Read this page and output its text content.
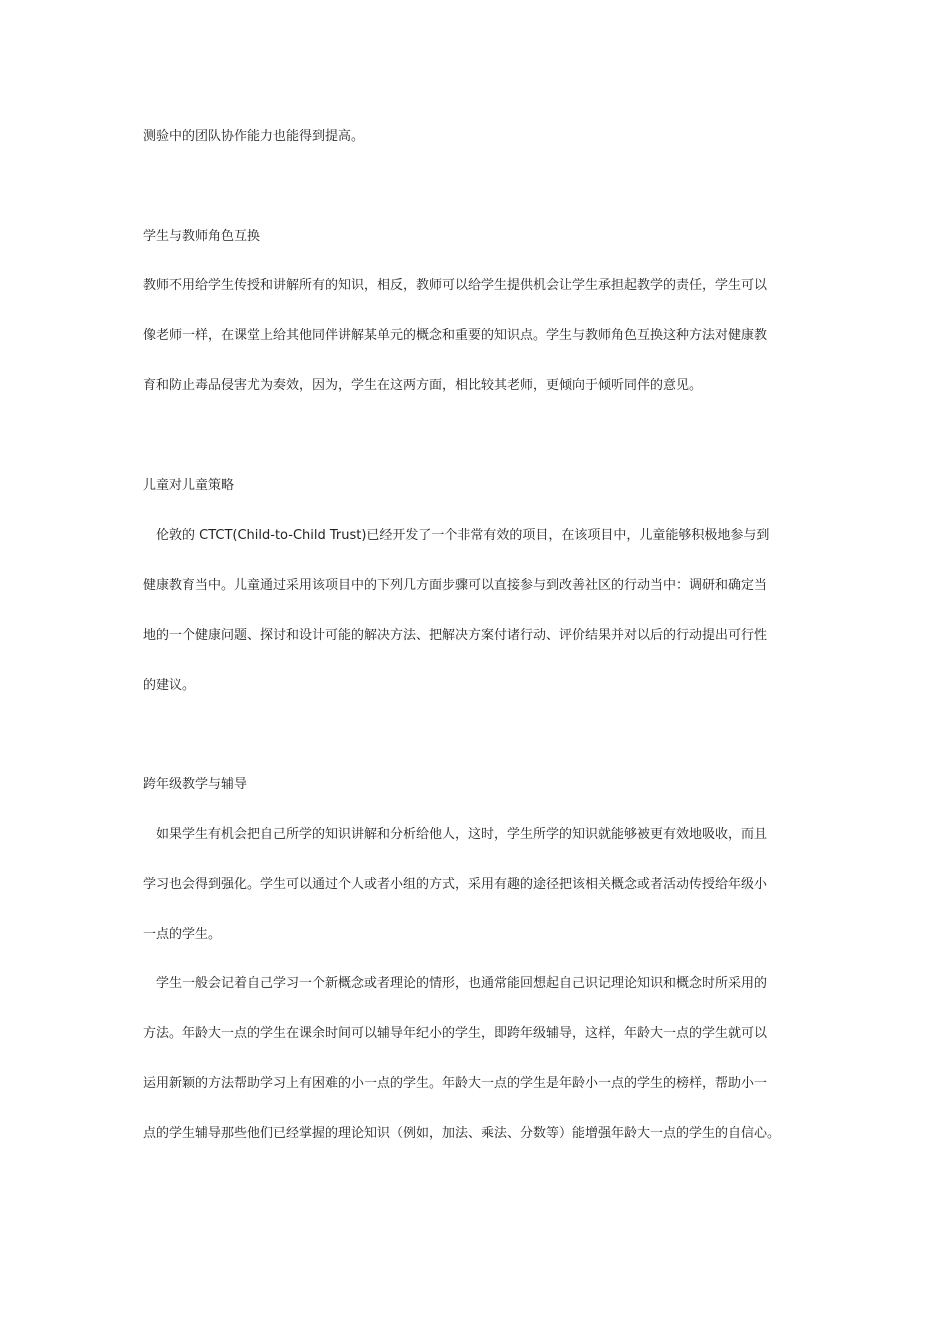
测验中的团队协作能力也能得到提高。
学生与教师角色互换
教师不用给学生传授和讲解所有的知识，相反，教师可以给学生提供机会让学生承担起教学的责任，学生可以
像老师一样，在课堂上给其他同伴讲解某单元的概念和重要的知识点。学生与教师角色互换这种方法对健康教
育和防止毒品侵害尤为奏效，因为，学生在这两方面，相比较其老师，更倾向于倾听同伴的意见。
儿童对儿童策略
　伦敦的 CTCT(Child-to-Child Trust)已经开发了一个非常有效的项目，在该项目中，儿童能够积极地参与到
健康教育当中。儿童通过采用该项目中的下列几方面步骤可以直接参与到改善社区的行动当中：调研和确定当
地的一个健康问题、探讨和设计可能的解决方法、把解决方案付诸行动、评价结果并对以后的行动提出可行性
的建议。
跨年级教学与辅导
　如果学生有机会把自己所学的知识讲解和分析给他人，这时，学生所学的知识就能够被更有效地吸收，而且
学习也会得到强化。学生可以通过个人或者小组的方式，采用有趣的途径把该相关概念或者活动传授给年级小
一点的学生。
　学生一般会记着自己学习一个新概念或者理论的情形，也通常能回想起自己识记理论知识和概念时所采用的
方法。年龄大一点的学生在课余时间可以辅导年纪小的学生，即跨年级辅导，这样，年龄大一点的学生就可以
运用新颖的方法帮助学习上有困难的小一点的学生。年龄大一点的学生是年龄小一点的学生的榜样，帮助小一
点的学生辅导那些他们已经掌握的理论知识（例如，加法、乘法、分数等）能增强年龄大一点的学生的自信心。
